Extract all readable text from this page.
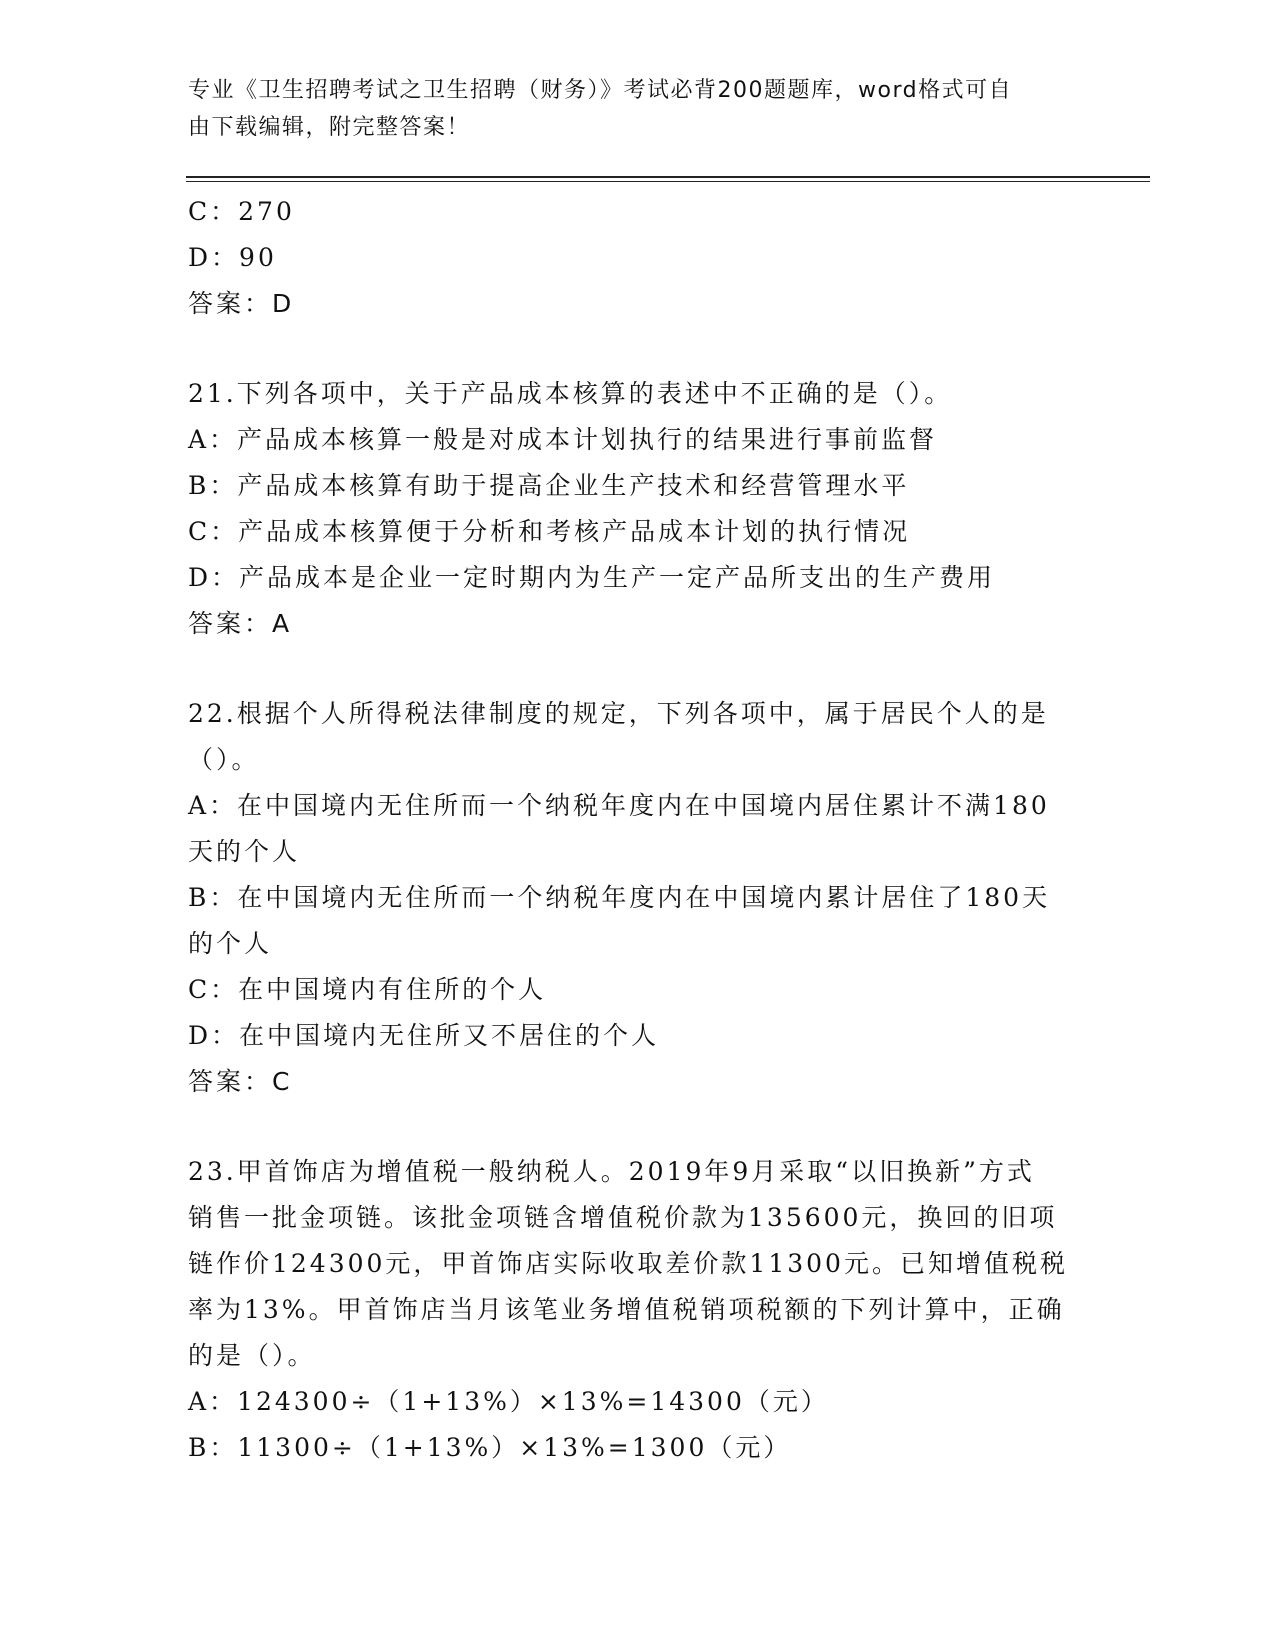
专业《卫生招聘考试之卫生招聘（财务）》考试必背200题题库，word格式可自
由下载编辑，附完整答案！
C：270
D：90
答案：D
21.下列各项中，关于产品成本核算的表述中不正确的是（）。
A：产品成本核算一般是对成本计划执行的结果进行事前监督
B：产品成本核算有助于提高企业生产技术和经营管理水平
C：产品成本核算便于分析和考核产品成本计划的执行情况
D：产品成本是企业一定时期内为生产一定产品所支出的生产费用
答案：A
22.根据个人所得税法律制度的规定，下列各项中，属于居民个人的是
（）。
A：在中国境内无住所而一个纳税年度内在中国境内居住累计不满180
天的个人
B：在中国境内无住所而一个纳税年度内在中国境内累计居住了180天
的个人
C：在中国境内有住所的个人
D：在中国境内无住所又不居住的个人
答案：C
23.甲首饰店为增值税一般纳税人。2019年9月采取“以旧换新”方式
销售一批金项链。该批金项链含增值税价款为135600元，换回的旧项
链作价124300元，甲首饰店实际收取差价款11300元。已知增值税税
率为13%。甲首饰店当月该笔业务增值税销项税额的下列计算中，正确
的是（）。
A：124300÷（1+13%）×13%=14300（元）
B：11300÷（1+13%）×13%=1300（元）
